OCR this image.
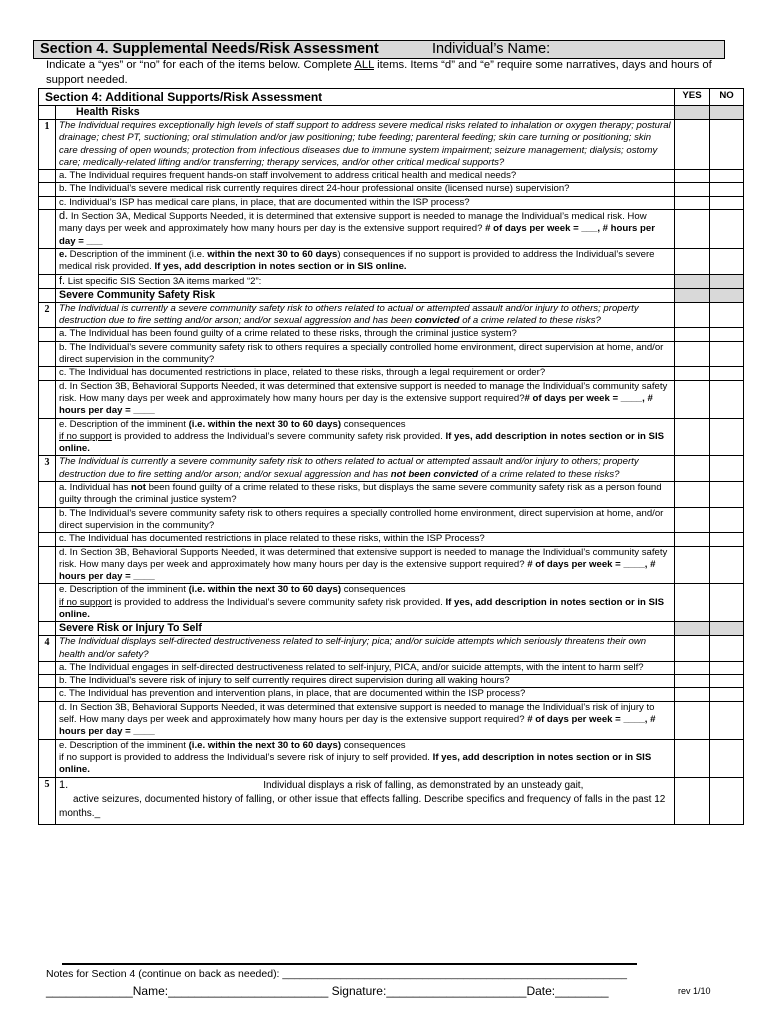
Section 4. Supplemental Needs/Risk Assessment	Individual’s Name:
Indicate a “yes” or “no” for each of the items below. Complete ALL items. Items “d” and “e” require some narratives, days and hours of support needed.
Section 4: Additional Supports/Risk Assessment		YES	NO
	Health Risks		
1	The Individual requires exceptionally high levels of staff support to address severe medical risks related to inhalation or oxygen therapy; postural drainage; chest PT, suctioning; oral stimulation and/or jaw positioning; tube feeding; parenteral feeding; skin care turning or positioning; skin care dressing of open wounds; protection from infectious diseases due to immune system impairment; seizure management; dialysis; ostomy care; medically-related lifting and/or transferring; therapy services, and/or other critical medical supports?		
	a. The Individual requires frequent hands-on staff involvement to address critical health and medical needs?		
	b. The Individual’s severe medical risk currently requires direct 24-hour professional onsite (licensed nurse) supervision?		
	c. Individual’s ISP has medical care plans, in place, that are documented within the ISP process?		
	d. In Section 3A, Medical Supports Needed, it is determined that extensive support is needed to manage the Individual’s medical risk. How many days per week and approximately how many hours per day is the extensive support required? # of days per week = ___, # hours per day = ___		
	e. Description of the imminent (i.e. within the next 30 to 60 days) consequences if no support is provided to address the Individual’s severe medical risk provided. If yes, add description in notes section or in SIS online.		
	f. List specific SIS Section 3A items marked “2”:		
	Severe Community Safety Risk		
2	The Individual is currently a severe community safety risk to others related to actual or attempted assault and/or injury to others; property destruction due to fire setting and/or arson; and/or sexual aggression and has been convicted of a crime related to these risks?		
	a. The Individual has been found guilty of a crime related to these risks, through the criminal justice system?		
	b. The Individual’s severe community safety risk to others requires a specially controlled home environment, direct supervision at home, and/or direct supervision in the community?		
	c. The Individual has documented restrictions in place, related to these risks, through a legal requirement or order?		
	d. In Section 3B, Behavioral Supports Needed, it was determined that extensive support is needed to manage the Individual’s community safety risk. How many days per week and approximately how many hours per day is the extensive support required?# of days per week = ____, # hours per day = ____		
	e. Description of the imminent (i.e. within the next 30 to 60 days) consequences
if no support is provided to address the Individual’s severe community safety risk provided. If yes, add description in notes section or in SIS online.		
3	The Individual is currently a severe community safety risk to others related to actual or attempted assault and/or injury to others; property destruction due to fire setting and/or arson; and/or sexual aggression and has not been convicted of a crime related to these risks?		
	a. Individual has not been found guilty of a crime related to these risks, but displays the same severe community safety risk as a person found guilty through the criminal justice system?		
	b. The Individual’s severe community safety risk to others requires a specially controlled home environment, direct supervision at home, and/or direct supervision in the community?		
	c. The Individual has documented restrictions in place related to these risks, within the ISP Process?		
	d. In Section 3B, Behavioral Supports Needed, it was determined that extensive support is needed to manage the Individual’s community safety risk. How many days per week and approximately how many hours per day is the extensive support required? # of days per week = ____, # hours per day = ____		
	e. Description of the imminent (i.e. within the next 30 to 60 days) consequences
if no support is provided to address the Individual’s severe community safety risk provided. If yes, add description in notes section or in SIS online.		
	Severe Risk or Injury To Self		
4	The Individual displays self-directed destructiveness related to self-injury; pica; and/or suicide attempts which seriously threatens their own health and/or safety?		
	a. The Individual engages in self-directed destructiveness related to self-injury, PICA, and/or suicide attempts, with the intent to harm self?		
	b. The Individual’s severe risk of injury to self currently requires direct supervision during all waking hours?		
	c. The Individual has prevention and intervention plans, in place, that are documented within the ISP process?		
	d. In Section 3B, Behavioral Supports Needed, it was determined that extensive support is needed to manage the Individual’s risk of injury to self. How many days per week and approximately how many hours per day is the extensive support required? # of days per week = ____, # hours per day = ____		
	e. Description of the imminent (i.e. within the next 30 to 60 days) consequences
if no support is provided to address the Individual’s severe risk of injury to self provided. If yes, add description in notes section or in SIS online.		
5	1. Individual displays a risk of falling, as demonstrated by an unsteady gait,
active seizures, documented history of falling, or other issue that effects falling. Describe specifics and frequency of falls in the past 12 months._		
Notes for Section 4 (continue on back as needed): ___________________________________________________________
_____________Name:________________________ Signature:_____________________Date:________	rev 1/10
